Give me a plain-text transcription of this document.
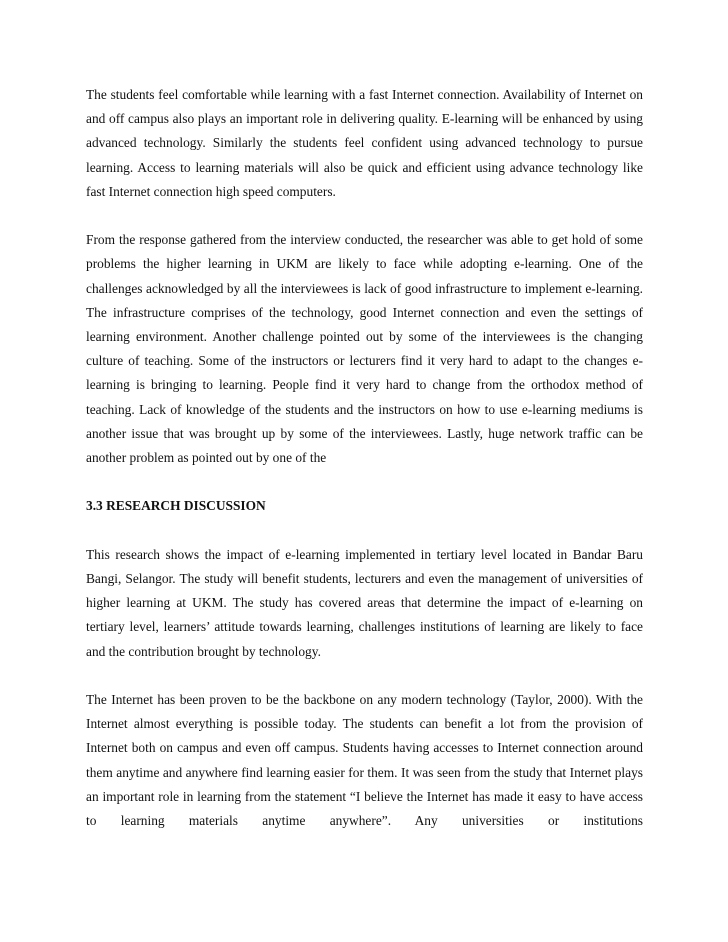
The students feel comfortable while learning with a fast Internet connection. Availability of Internet on and off campus also plays an important role in delivering quality. E-learning will be enhanced by using advanced technology. Similarly the students feel confident using advanced technology to pursue learning. Access to learning materials will also be quick and efficient using advance technology like fast Internet connection high speed computers.

From the response gathered from the interview conducted, the researcher was able to get hold of some problems the higher learning in UKM are likely to face while adopting e-learning. One of the challenges acknowledged by all the interviewees is lack of good infrastructure to implement e-learning. The infrastructure comprises of the technology, good Internet connection and even the settings of learning environment. Another challenge pointed out by some of the interviewees is the changing culture of teaching. Some of the instructors or lecturers find it very hard to adapt to the changes e-learning is bringing to learning. People find it very hard to change from the orthodox method of teaching. Lack of knowledge of the students and the instructors on how to use e-learning mediums is another issue that was brought up by some of the interviewees. Lastly, huge network traffic can be another problem as pointed out by one of the

3.3 RESEARCH DISCUSSION

This research shows the impact of e-learning implemented in tertiary level located in Bandar Baru Bangi, Selangor. The study will benefit students, lecturers and even the management of universities of higher learning at UKM. The study has covered areas that determine the impact of e-learning on tertiary level, learners’ attitude towards learning, challenges institutions of learning are likely to face and the contribution brought by technology.

The Internet has been proven to be the backbone on any modern technology (Taylor, 2000). With the Internet almost everything is possible today. The students can benefit a lot from the provision of Internet both on campus and even off campus. Students having accesses to Internet connection around them anytime and anywhere find learning easier for them. It was seen from the study that Internet plays an important role in learning from the statement “I believe the Internet has made it easy to have access to learning materials anytime anywhere”. Any universities or institutions
